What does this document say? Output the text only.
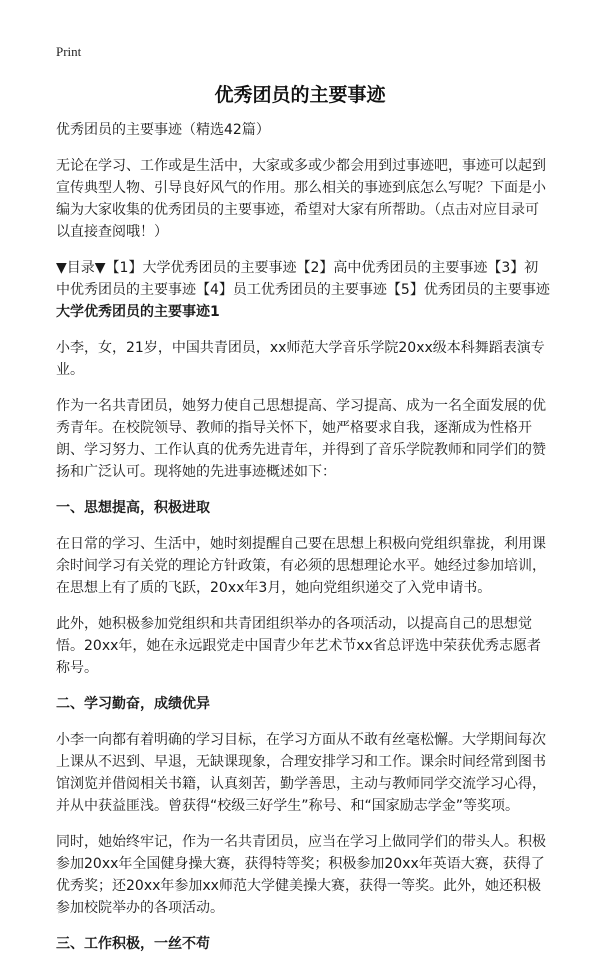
Print
优秀团员的主要事迹

优秀团员的主要事迹（精选42篇）

无论在学习、工作或是生活中，大家或多或少都会用到过事迹吧，事迹可以起到宣传典型人物、引导良好风气的作用。那么相关的事迹到底怎么写呢？下面是小编为大家收集的优秀团员的主要事迹，希望对大家有所帮助。（点击对应目录可以直接查阅哦！）

▼目录▼【1】大学优秀团员的主要事迹【2】高中优秀团员的主要事迹【3】初中优秀团员的主要事迹【4】员工优秀团员的主要事迹【5】优秀团员的主要事迹大学优秀团员的主要事迹1

小李，女，21岁，中国共青团员，xx师范大学音乐学院20xx级本科舞蹈表演专业。

作为一名共青团员，她努力使自己思想提高、学习提高、成为一名全面发展的优秀青年。在校院领导、教师的指导关怀下，她严格要求自我，逐渐成为性格开朗、学习努力、工作认真的优秀先进青年，并得到了音乐学院教师和同学们的赞扬和广泛认可。现将她的先进事迹概述如下：

一、思想提高，积极进取

在日常的学习、生活中，她时刻提醒自己要在思想上积极向党组织靠拢，利用课余时间学习有关党的理论方针政策，有必须的思想理论水平。她经过参加培训，在思想上有了质的飞跃，20xx年3月，她向党组织递交了入党申请书。

此外，她积极参加党组织和共青团组织举办的各项活动，以提高自己的思想觉悟。20xx年，她在永远跟党走中国青少年艺术节xx省总评选中荣获优秀志愿者称号。

二、学习勤奋，成绩优异

小李一向都有着明确的学习目标，在学习方面从不敢有丝毫松懈。大学期间每次上课从不迟到、早退，无缺课现象，合理安排学习和工作。课余时间经常到图书馆浏览并借阅相关书籍，认真刻苦，勤学善思，主动与教师同学交流学习心得，并从中获益匪浅。曾获得“校级三好学生”称号、和“国家励志学金”等奖项。

同时，她始终牢记，作为一名共青团员，应当在学习上做同学们的带头人。积极参加20xx年全国健身操大赛，获得特等奖；积极参加20xx年英语大赛，获得了优秀奖；还20xx年参加xx师范大学健美操大赛，获得一等奖。此外，她还积极参加校院举办的各项活动。

三、工作积极，一丝不苟
